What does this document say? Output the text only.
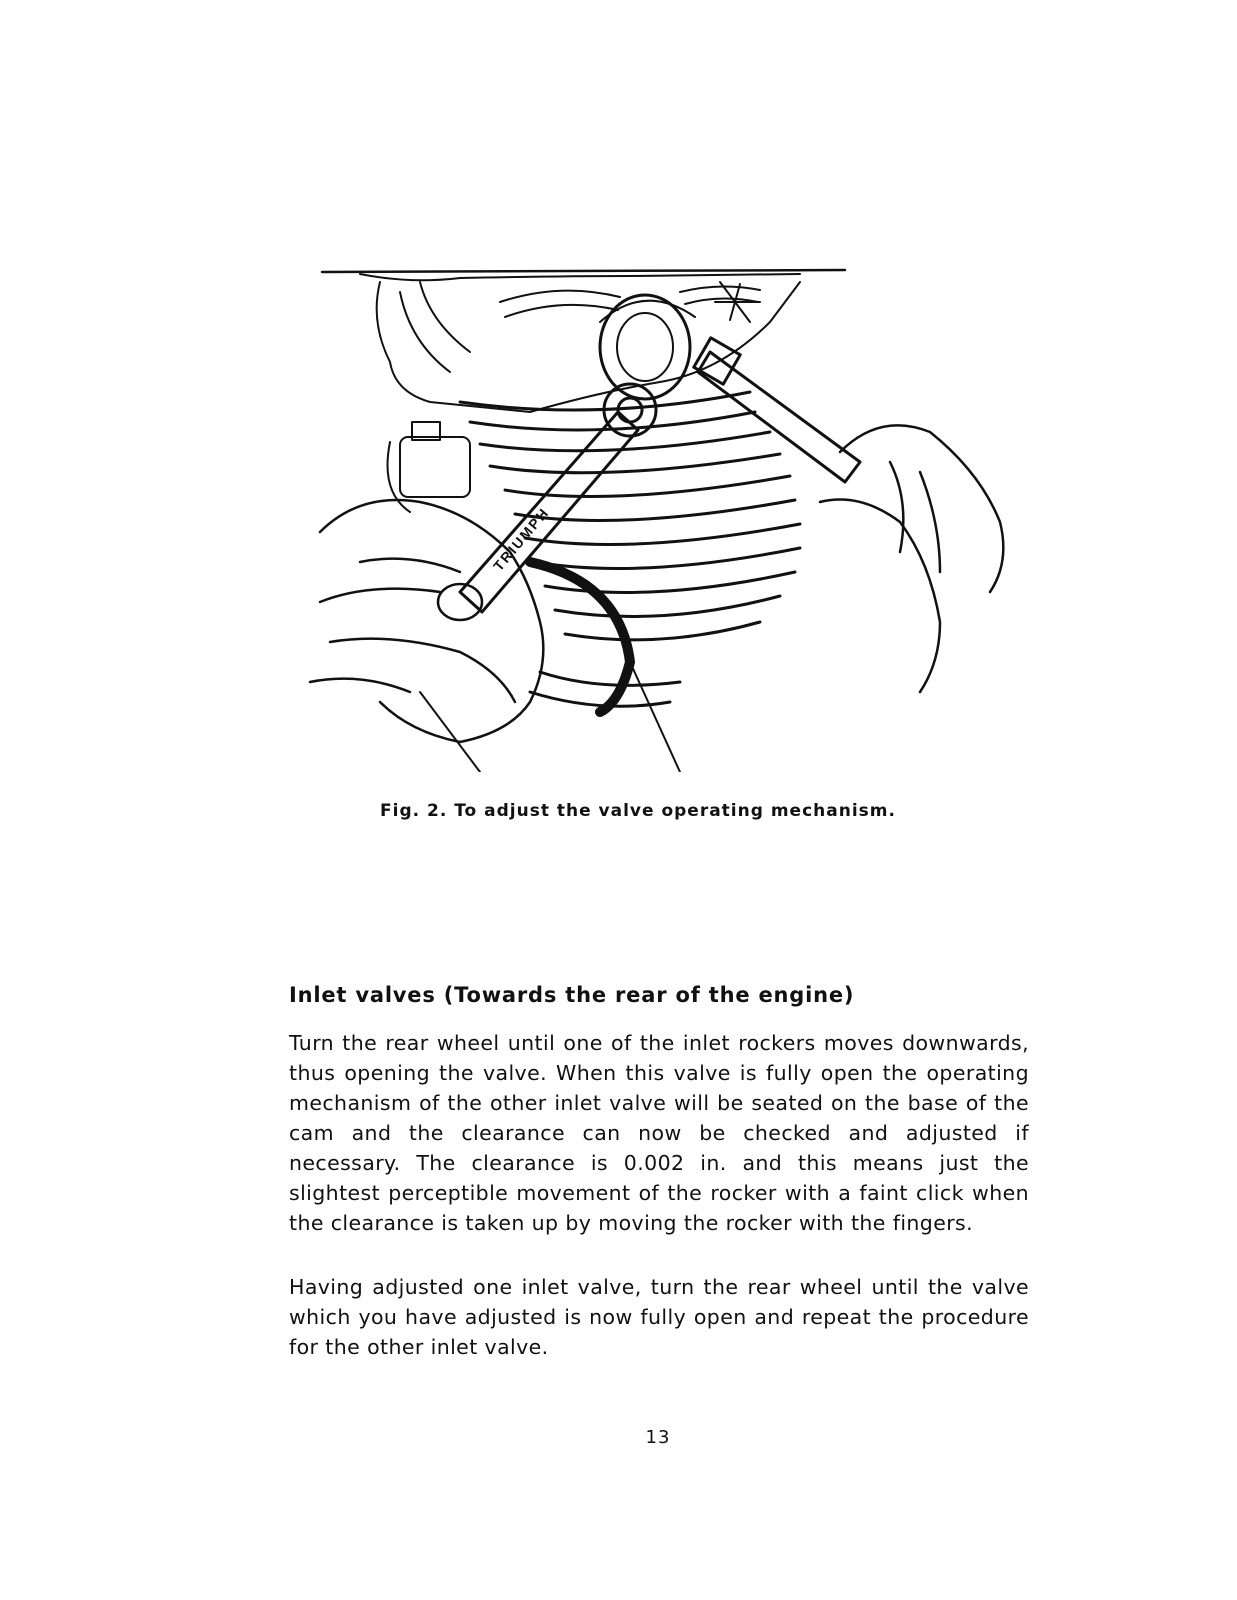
TRIUMPH
Fig. 2. To adjust the valve operating mechanism.
Inlet valves (Towards the rear of the engine)

Turn the rear wheel until one of the inlet rockers moves downwards, thus opening the valve. When this valve is fully open the operating mechanism of the other inlet valve will be seated on the base of the cam and the clearance can now be checked and adjusted if necessary. The clearance is 0.002 in. and this means just the slightest perceptible movement of the rocker with a faint click when the clearance is taken up by moving the rocker with the fingers.

Having adjusted one inlet valve, turn the rear wheel until the valve which you have adjusted is now fully open and repeat the procedure for the other inlet valve.

13
